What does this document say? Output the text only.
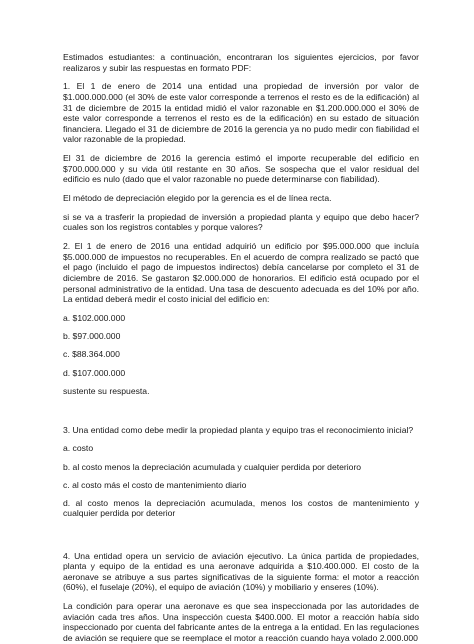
Estimados estudiantes: a continuación, encontraran los siguientes ejercicios, por favor realizaros y subir las respuestas en formato PDF:

1. El 1 de enero de 2014 una entidad una propiedad de inversión por valor de $1.000.000.000 (el 30% de este valor corresponde a terrenos el resto es de la edificación) al 31 de diciembre de 2015 la entidad midió el valor razonable en $1.200.000.000 el 30% de este valor corresponde a terrenos el resto es de la edificación) en su estado de situación financiera. Llegado el 31 de diciembre de 2016 la gerencia ya no pudo medir con fiabilidad el valor razonable de la propiedad.

El 31 de diciembre de 2016 la gerencia estimó el importe recuperable del edificio en $700.000.000 y su vida útil restante en 30 años. Se sospecha que el valor residual del edificio es nulo (dado que el valor razonable no puede determinarse con fiabilidad).

El método de depreciación elegido por la gerencia es el de línea recta.

si se va a trasferir la propiedad de inversión a propiedad planta y equipo que debo hacer? cuales son los registros contables y porque valores?

2. El 1 de enero de 2016 una entidad adquirió un edificio por $95.000.000 que incluía $5.000.000 de impuestos no recuperables. En el acuerdo de compra realizado se pactó que el pago (incluido el pago de impuestos indirectos) debía cancelarse por completo el 31 de diciembre de 2016. Se gastaron $2.000.000 de honorarios. El edificio está ocupado por el personal administrativo de la entidad. Una tasa de descuento adecuada es del 10% por año. La entidad deberá medir el costo inicial del edificio en:

a. $102.000.000

b. $97.000.000

c. $88.364.000

d. $107.000.000

sustente su respuesta.

3. Una entidad como debe medir la propiedad planta y equipo tras el reconocimiento inicial?

a. costo

b. al costo menos la depreciación acumulada y cualquier perdida por deterioro

c. al costo más el costo de mantenimiento diario

d. al costo menos la depreciación acumulada, menos los costos de mantenimiento y cualquier perdida por deterior

4. Una entidad opera un servicio de aviación ejecutivo. La única partida de propiedades, planta y equipo de la entidad es una aeronave adquirida a $10.400.000. El costo de la aeronave se atribuye a sus partes significativas de la siguiente forma: el motor a reacción (60%), el fuselaje (20%), el equipo de aviación (10%) y mobiliario y enseres (10%).

La condición para operar una aeronave es que sea inspeccionada por las autoridades de aviación cada tres años. Una inspección cuesta $400.000. El motor a reacción había sido inspeccionado por cuenta del fabricante antes de la entrega a la entidad. En las regulaciones de aviación se requiere que se reemplace el motor a reacción cuando haya volado 2.000.000
